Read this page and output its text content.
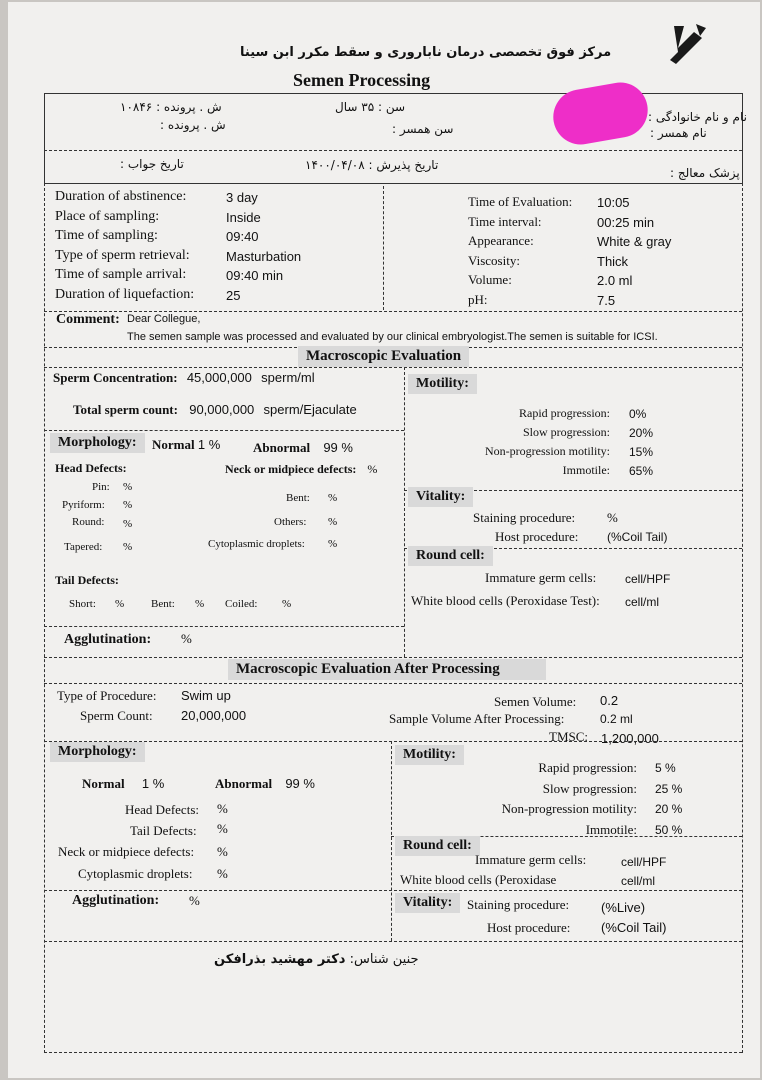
مرکز فوق تخصصی درمان ناباروری و سقط مکرر ابن سینا
Semen Processing
ش . پرونده : ۱۰۸۴۶
ش . پرونده :
سن : ۳۵ سال
سن همسر :
نام و نام خانوادگی :
نام همسر :
تاریخ جواب :	تاریخ پذیرش : ۱۴۰۰/۰۴/۰۸
پزشک معالج :
Duration of abstinence:	3 day
Place of sampling:	Inside
Time of sampling:	09:40
Type of sperm retrieval:	Masturbation
Time of sample arrival:	09:40 min
Duration of liquefaction: 25
Time of Evaluation: 10:05
Time interval:	00:25 min
Appearance:	White & gray
Viscosity:	Thick
Volume:	2.0 ml
pH:	7.5
Comment: Dear Collegue,
The semen sample was processed and evaluated by our clinical embryologist.The semen is suitable for ICSI.
Macroscopic Evaluation
Sperm Concentration: 45,000,000 sperm/ml
Total sperm count: 90,000,000 sperm/Ejaculate
Motility:
Rapid progression: 0%
Slow progression: 20%
Non-progression motility: 15%
Immotile: 65%
Morphology:	Normal 1 %	Abnormal 99 %
Head Defects:	Neck or midpiece defects: %
Pin: %
Pyriform: %
Round: %
Tapered: %
Bent: %
Others: %
Cytoplasmic droplets: %
Tail Defects:
Short: % Bent: % Coiled: %
Agglutination: %
Vitality:
Staining procedure: %
Host procedure: (%Coil Tail)
Round cell:
Immature germ cells: cell/HPF
White blood cells (Peroxidase Test): cell/ml
Macroscopic Evaluation After Processing
Type of Procedure: Swim up
Sperm Count: 20,000,000
Semen Volume: 0.2
Sample Volume After Processing:	0.2 ml
TMSC: 1,200,000
Morphology:
Normal 1 %	Abnormal 99 %
Head Defects: %
Tail Defects: %
Neck or midpiece defects: %
Cytoplasmic droplets: %
Motility:
Rapid progression: 5 %
Slow progression: 25 %
Non-progression motility: 20 %
Immotile: 50 %
Round cell:
Immature germ cells:	cell/HPF
White blood cells (Peroxidase	cell/ml
Agglutination: %	Vitality:	Staining procedure: (%Live)
Host procedure: (%Coil Tail)
جنین شناس: دکتر مهشید بذرافکن
